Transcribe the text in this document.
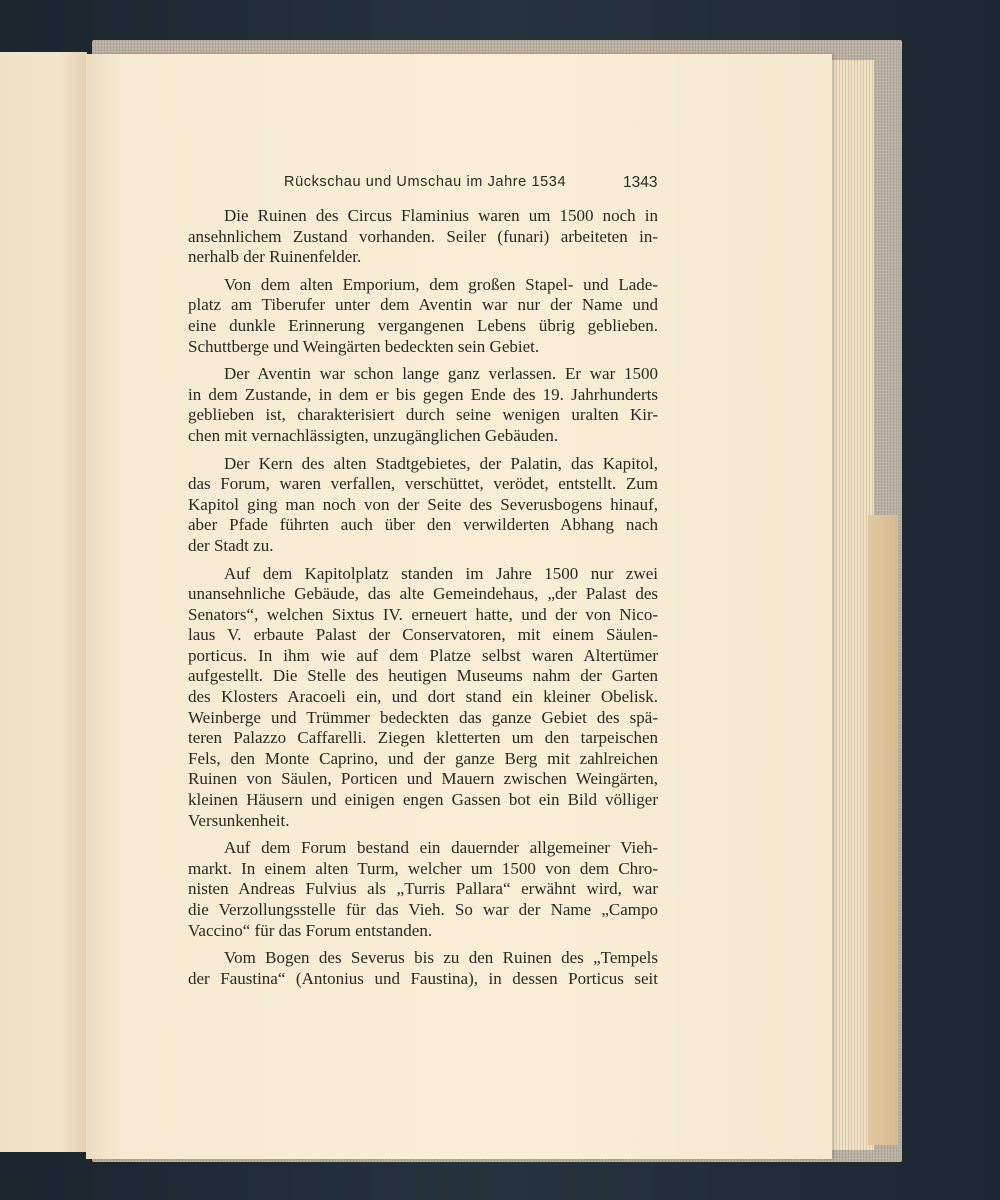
Rückschau und Umschau im Jahre 1534	1343

Die Ruinen des Circus Flaminius waren um 1500 noch in
ansehnlichem Zustand vorhanden. Seiler (funari) arbeiteten in-
nerhalb der Ruinenfelder.

Von dem alten Emporium, dem großen Stapel- und Lade-
platz am Tiberufer unter dem Aventin war nur der Name und
eine dunkle Erinnerung vergangenen Lebens übrig geblieben.
Schuttberge und Weingärten bedeckten sein Gebiet.

Der Aventin war schon lange ganz verlassen. Er war 1500
in dem Zustande, in dem er bis gegen Ende des 19. Jahrhunderts
geblieben ist, charakterisiert durch seine wenigen uralten Kir-
chen mit vernachlässigten, unzugänglichen Gebäuden.

Der Kern des alten Stadtgebietes, der Palatin, das Kapitol,
das Forum, waren verfallen, verschüttet, verödet, entstellt. Zum
Kapitol ging man noch von der Seite des Severusbogens hinauf,
aber Pfade führten auch über den verwilderten Abhang nach
der Stadt zu.

Auf dem Kapitolplatz standen im Jahre 1500 nur zwei
unansehnliche Gebäude, das alte Gemeindehaus, „der Palast des
Senators“, welchen Sixtus IV. erneuert hatte, und der von Nico-
laus V. erbaute Palast der Conservatoren, mit einem Säulen-
porticus. In ihm wie auf dem Platze selbst waren Altertümer
aufgestellt. Die Stelle des heutigen Museums nahm der Garten
des Klosters Aracoeli ein, und dort stand ein kleiner Obelisk.
Weinberge und Trümmer bedeckten das ganze Gebiet des spä-
teren Palazzo Caffarelli. Ziegen kletterten um den tarpeischen
Fels, den Monte Caprino, und der ganze Berg mit zahlreichen
Ruinen von Säulen, Porticen und Mauern zwischen Weingärten,
kleinen Häusern und einigen engen Gassen bot ein Bild völliger
Versunkenheit.

Auf dem Forum bestand ein dauernder allgemeiner Vieh-
markt. In einem alten Turm, welcher um 1500 von dem Chro-
nisten Andreas Fulvius als „Turris Pallara“ erwähnt wird, war
die Verzollungsstelle für das Vieh. So war der Name „Campo
Vaccino“ für das Forum entstanden.

Vom Bogen des Severus bis zu den Ruinen des „Tempels
der Faustina“ (Antonius und Faustina), in dessen Porticus seit
